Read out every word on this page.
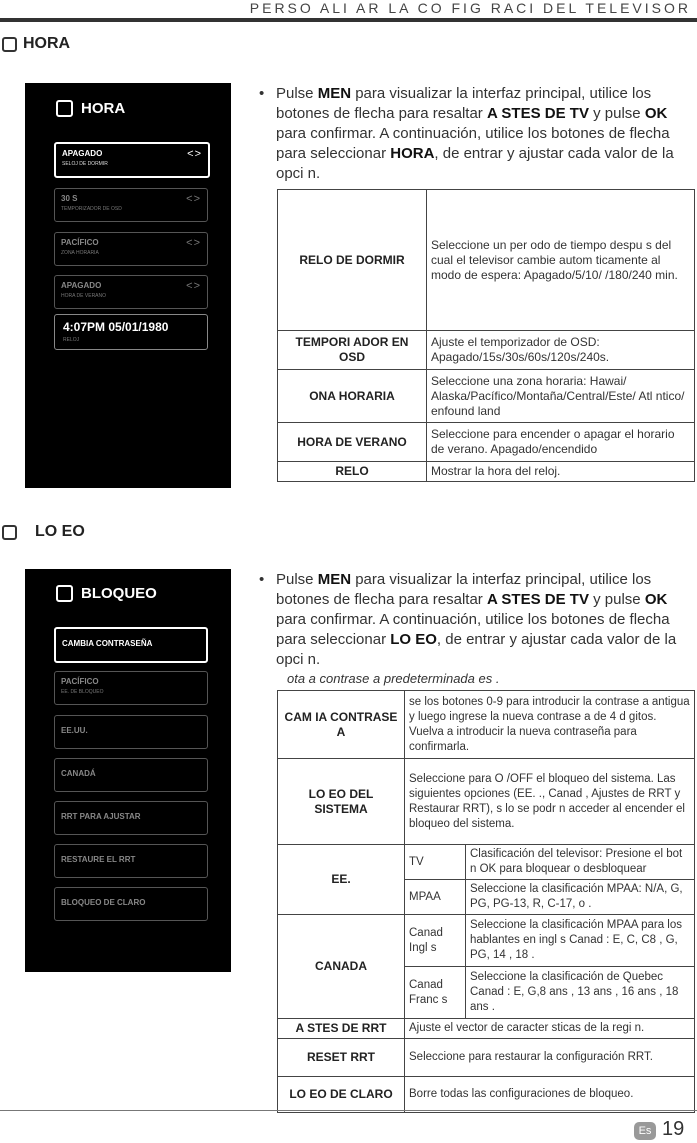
PERSO ALI AR LA CO FIG RACI DEL TELEVISOR
HORA
HORA
APAGADO
SELOJ DE DORMIR
<>
30 S
TEMPORIZADOR DE OSD
<>
PACÍFICO
ZONA HORARIA
<>
APAGADO
HORA DE VERANO
<>
4:07PM 05/01/1980
RELOJ
• Pulse MEN para visualizar la interfaz principal, utilice los botones de flecha para resaltar A STES DE TV y pulse OK para confirmar. A continuación, utilice los botones de flecha para seleccionar HORA, de entrar y ajustar cada valor de la opci n.
RELO DE DORMIR	Seleccione un per odo de tiempo despu s del cual el televisor cambie autom ticamente al modo de espera: Apagado/5/10/ /180/240 min.
TEMPORI ADOR EN OSD	Ajuste el temporizador de OSD: Apagado/15s/30s/60s/120s/240s.
ONA HORARIA	Seleccione una zona horaria: Hawai/ Alaska/Pacífico/Montaña/Central/Este/ Atl ntico/ enfound land
HORA DE VERANO	Seleccione para encender o apagar el horario de verano. Apagado/encendido
RELO	Mostrar la hora del reloj.
LO EO
BLOQUEO
CAMBIA CONTRASEÑA
PACÍFICO
EE. DE BLOQUEO
EE.UU.
CANADÁ
RRT PARA AJUSTAR
RESTAURE EL RRT
BLOQUEO DE CLARO
• Pulse MEN para visualizar la interfaz principal, utilice los botones de flecha para resaltar A STES DE TV y pulse OK para confirmar. A continuación, utilice los botones de flecha para seleccionar LO EO, de entrar y ajustar cada valor de la opci n.
ota a contrase a predeterminada es .
CAM IA CONTRASE A	se los botones 0-9 para introducir la contrase a antigua y luego ingrese la nueva contrase a de 4 d gitos. Vuelva a introducir la nueva contraseña para confirmarla.	
LO EO DEL SISTEMA	Seleccione para O /OFF el bloqueo del sistema. Las siguientes opciones (EE. ., Canad , Ajustes de RRT y Restaurar RRT), s lo se podr n acceder al encender el bloqueo del sistema.	
EE.	TV	Clasificación del televisor: Presione el bot n OK para bloquear o desbloquear
	MPAA	Seleccione la clasificación MPAA: N/A, G, PG, PG-13, R, C-17, o .
CANADA	Canad Ingl s	Seleccione la clasificación MPAA para los hablantes en ingl s Canad : E, C, C8 , G, PG, 14 , 18 .
	Canad Franc s	Seleccione la clasificación de Quebec Canad : E, G,8 ans , 13 ans , 16 ans , 18 ans .
A STES DE RRT	Ajuste el vector de caracter sticas de la regi n.	
RESET RRT	Seleccione para restaurar la configuración RRT.	
LO EO DE CLARO	Borre todas las configuraciones de bloqueo.	
Es 19
